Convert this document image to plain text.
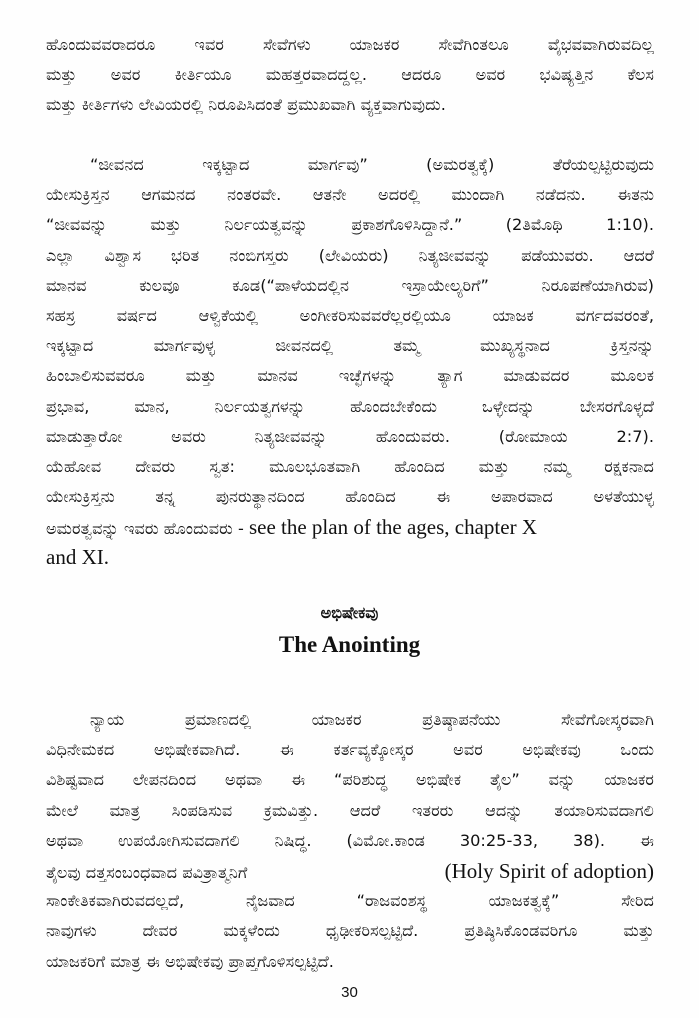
ಹೊಂದುವವರಾದರೂ ಇವರ ಸೇವೆಗಳು ಯಾಜಕರ ಸೇವೆಗಿಂತಲೂ ವೈಭವವಾಗಿರುವದಿಲ್ಲ
ಮತ್ತು ಅವರ ಕೀರ್ತಿಯೂ ಮಹತ್ತರವಾದದ್ದಲ್ಲ. ಆದರೂ ಅವರ ಭವಿಷ್ಯತ್ತಿನ ಕೆಲಸ
ಮತ್ತು ಕೀರ್ತಿಗಳು ಲೇವಿಯರಲ್ಲಿ ನಿರೂಪಿಸಿದಂತೆ ಪ್ರಮುಖವಾಗಿ ವ್ಯಕ್ತವಾಗುವುದು.
“ಜೀವನದ ಇಕ್ಕಟ್ಟಾದ ಮಾರ್ಗವು” (ಅಮರತ್ವಕ್ಕೆ) ತೆರೆಯಲ್ಪಟ್ಟಿರುವುದು
ಯೇಸುಕ್ರಿಸ್ತನ ಆಗಮನದ ನಂತರವೇ. ಆತನೇ ಅದರಲ್ಲಿ ಮುಂದಾಗಿ ನಡೆದನು. ಈತನು
“ಜೀವವನ್ನು ಮತ್ತು ನಿರ್ಲಯತ್ವವನ್ನು ಪ್ರಕಾಶಗೊಳಿಸಿದ್ದಾನೆ.” (2ತಿಮೊಥಿ 1:10).
ಎಲ್ಲಾ ವಿಶ್ವಾಸ ಭರಿತ ನಂಬಿಗಸ್ತರು (ಲೇವಿಯರು) ನಿತ್ಯಜೀವವನ್ನು ಪಡೆಯುವರು. ಆದರೆ
ಮಾನವ ಕುಲವೂ ಕೂಡ(“ಪಾಳೆಯದಲ್ಲಿನ ಇಸ್ರಾಯೇಲ್ಯರಿಗೆ” ನಿರೂಪಣೆಯಾಗಿರುವ)
ಸಹಸ್ರ ವರ್ಷದ ಆಳ್ವಿಕೆಯಲ್ಲಿ ಅಂಗೀಕರಿಸುವವರೆಲ್ಲರಲ್ಲಿಯೂ ಯಾಜಕ ವರ್ಗದವರಂತೆ,
ಇಕ್ಕಟ್ಟಾದ ಮಾರ್ಗವುಳ್ಳ ಜೀವನದಲ್ಲಿ ತಮ್ಮ ಮುಖ್ಯಸ್ಥನಾದ ಕ್ರಿಸ್ತನನ್ನು
ಹಿಂಬಾಲಿಸುವವರೂ ಮತ್ತು ಮಾನವ ಇಚ್ಛೆಗಳನ್ನು ತ್ಯಾಗ ಮಾಡುವದರ ಮೂಲಕ
ಪ್ರಭಾವ, ಮಾನ, ನಿರ್ಲಯತ್ವಗಳನ್ನು ಹೊಂದಬೇಕೆಂದು ಒಳ್ಳೇದನ್ನು ಬೇಸರಗೊಳ್ಳದೆ
ಮಾಡುತ್ತಾರೋ ಅವರು ನಿತ್ಯಜೀವವನ್ನು ಹೊಂದುವರು. (ರೋಮಾಯ 2:7).
ಯೆಹೋವ ದೇವರು ಸ್ವತ: ಮೂಲಭೂತವಾಗಿ ಹೊಂದಿದ ಮತ್ತು ನಮ್ಮ ರಕ್ಷಕನಾದ
ಯೇಸುಕ್ರಿಸ್ತನು ತನ್ನ ಪುನರುತ್ಥಾನದಿಂದ ಹೊಂದಿದ ಈ ಅಪಾರವಾದ ಅಳತೆಯುಳ್ಳ
ಅಮರತ್ವವನ್ನು ಇವರು ಹೊಂದುವರು - see the plan of the ages, chapter X
and XI.
ಅಭಿಷೇಕವು
The Anointing
ನ್ಯಾಯ ಪ್ರಮಾಣದಲ್ಲಿ ಯಾಜಕರ ಪ್ರತಿಷ್ಠಾಪನೆಯು ಸೇವೆಗೋಸ್ಕರವಾಗಿ
ವಿಧಿನೇಮಕದ ಅಭಿಷೇಕವಾಗಿದೆ. ಈ ಕರ್ತವ್ಯಕ್ಕೋಸ್ಕರ ಅವರ ಅಭಿಷೇಕವು ಒಂದು
ವಿಶಿಷ್ಟವಾದ ಲೇಪನದಿಂದ ಅಥವಾ ಈ “ಪರಿಶುದ್ಧ ಅಭಿಷೇಕ ತೈಲ” ವನ್ನು ಯಾಜಕರ
ಮೇಲೆ ಮಾತ್ರ ಸಿಂಪಡಿಸುವ ಕ್ರಮವಿತ್ತು. ಆದರೆ ಇತರರು ಆದನ್ನು ತಯಾರಿಸುವದಾಗಲಿ
ಅಥವಾ ಉಪಯೋಗಿಸುವದಾಗಲಿ ನಿಷಿದ್ಧ. (ವಿಮೋ.ಕಾಂಡ 30:25-33, 38). ಈ
ತೈಲವು ದತ್ತಸಂಬಂಧವಾದ ಪವಿತ್ರಾತ್ಮನಿಗೆ	(Holy Spirit of adoption)
ಸಾಂಕೇತಿಕವಾಗಿರುವದಲ್ಲದೆ, ನೈಜವಾದ “ರಾಜವಂಶಸ್ಥ ಯಾಜಕತ್ವಕ್ಕೆ” ಸೇರಿದ
ನಾವುಗಳು ದೇವರ ಮಕ್ಕಳೆಂದು ಧೃಢೀಕರಿಸಲ್ಪಟ್ಟಿದೆ. ಪ್ರತಿಷ್ಠಿಸಿಕೊಂಡವರಿಗೂ ಮತ್ತು
ಯಾಜಕರಿಗೆ ಮಾತ್ರ ಈ ಅಭಿಷೇಕವು ಪ್ರಾಪ್ತಗೊಳಿಸಲ್ಪಟ್ಟಿದೆ.
30
